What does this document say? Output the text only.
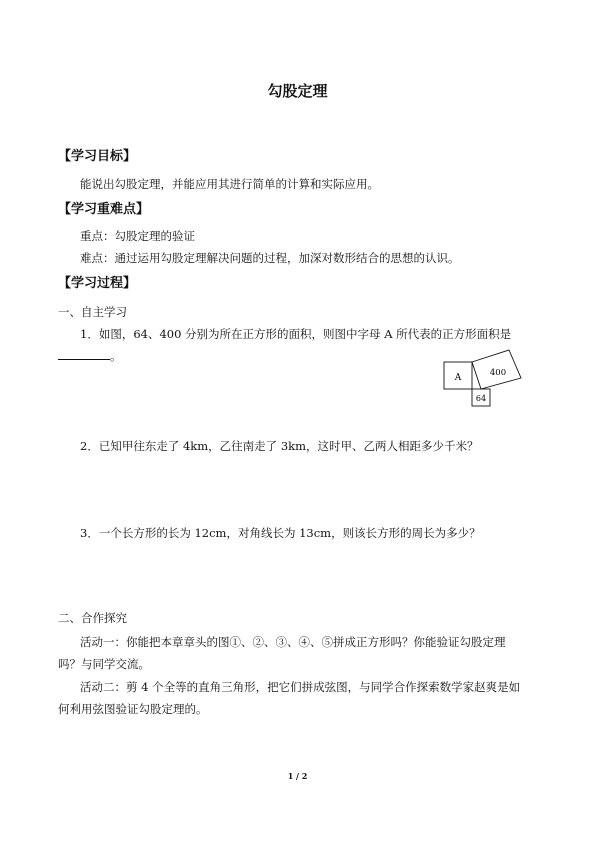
勾股定理
【学习目标】
能说出勾股定理，并能应用其进行简单的计算和实际应用。
【学习重难点】
重点：勾股定理的验证
难点：通过运用勾股定理解决问题的过程，加深对数形结合的思想的认识。
【学习过程】
一、自主学习
1．如图，64、400 分别为所在正方形的面积，则图中字母 A 所代表的正方形面积是
。
A	400
64
2．已知甲往东走了 4km，乙往南走了 3km，这时甲、乙两人相距多少千米？
3．一个长方形的长为 12cm，对角线长为 13cm，则该长方形的周长为多少？
二、合作探究
活动一：你能把本章章头的图①、②、③、④、⑤拼成正方形吗？你能验证勾股定理
吗？与同学交流。
活动二：剪 4 个全等的直角三角形，把它们拼成弦图，与同学合作探索数学家赵爽是如
何利用弦图验证勾股定理的。
1 / 2
